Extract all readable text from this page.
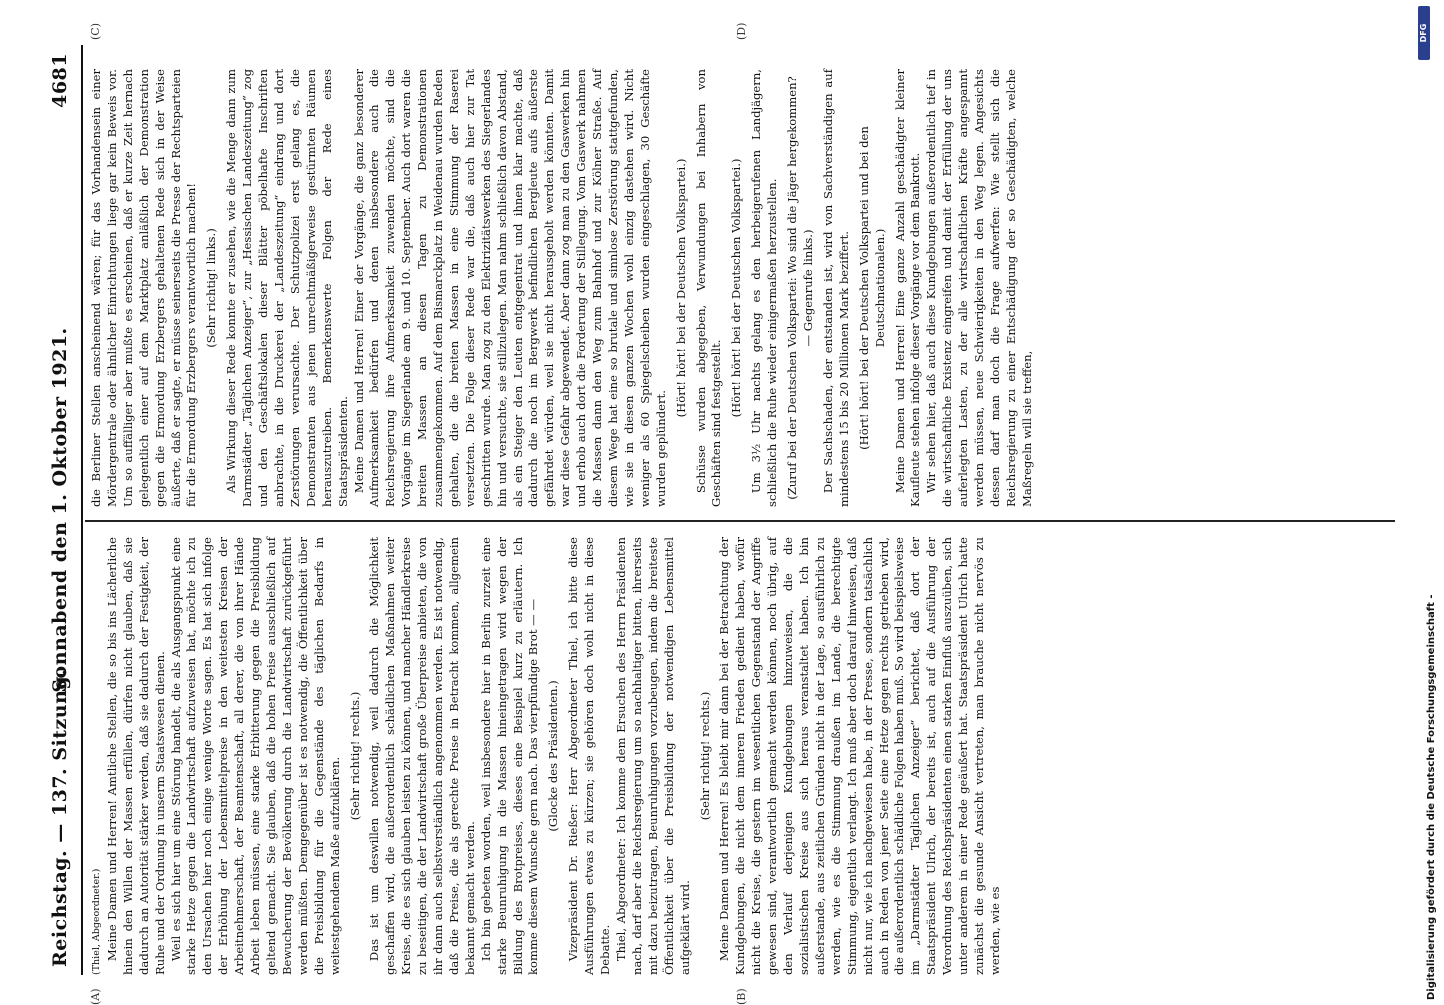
Reichstag. — 137. Sitzung.
Sonnabend den 1. Oktober 1921.
4681

(Thiel, Abgeordneter.) Meine Damen und Herren! Amtliche Stellen, die so bis ins Lächerliche hinein den Willen der Massen erfüllen, dürfen nicht glauben, daß sie dadurch an Autorität stärker werden, daß sie dadurch der Festigkeit, der Ruhe und der Ordnung in unserm Staatswesen dienen. Weil es sich hier um eine Störung handelt, die als Ausgangspunkt eine starke Hetze gegen die Landwirtschaft aufzuweisen hat, möchte ich zu den Ursachen hier noch einige wenige Worte sagen. Es hat sich infolge der Erhöhung der Lebensmittelpreise in den weitesten Kreisen der Arbeitnehmerschaft, der Beamtenschaft, all derer, die von ihrer Hände Arbeit leben müssen, eine starke Erbitterung gegen die Preisbildung geltend gemacht. Sie glauben, daß die hohen Preise ausschließlich auf Bewucherung der Bevölkerung durch die Landwirtschaft zurückgeführt werden müßten. Demgegenüber ist es notwendig, die Öffentlichkeit über die Preisbildung für die Gegenstände des täglichen Bedarfs in weitestgehendem Maße aufzuklären.

(Sehr richtig! rechts.) Das ist um deswillen notwendig, weil dadurch die Möglichkeit geschaffen wird, die außerordentlich schädlichen Maßnahmen weiter Kreise, die es sich glauben leisten zu können, und mancher Händlerkreise zu beseitigen, die der Landwirtschaft große Überpreise anbieten, die von ihr dann auch selbstverständlich angenommen werden. Es ist notwendig, daß die Preise, die als gerechte Preise in Betracht kommen, allgemein bekannt gemacht werden. Ich bin gebeten worden, weil insbesondere hier in Berlin zurzeit eine starke Beunruhigung in die Massen hineingetragen wird wegen der Bildung des Brotpreises, dieses eine Beispiel kurz zu erläutern. Ich komme diesem Wunsche gern nach. Das vierpfündige Brot — — (Glocke des Präsidenten.) Vizepräsident Dr. Rießer: Herr Abgeordneter Thiel, ich bitte diese Ausführungen etwas zu kürzen; sie gehören doch wohl nicht in diese Debatte. Thiel, Abgeordneter: Ich komme dem Ersuchen des Herrn Präsidenten nach, darf aber die Reichsregierung um so nachhaltiger bitten, ihrerseits mit dazu beizutragen, Beunruhigungen vorzubeugen, indem die breiteste Öffentlichkeit über die Preisbildung der notwendigen Lebensmittel aufgeklärt wird.

(Sehr richtig! rechts.) Meine Damen und Herren! Es bleibt mir dann bei der Betrachtung der Kundgebungen, die nicht dem inneren Frieden gedient haben, wofür nicht die Kreise, die gestern im wesentlichen Gegenstand der Angriffe gewesen sind, verantwortlich gemacht werden können, noch übrig, auf den Verlauf derjenigen Kundgebungen hinzuweisen, die die sozialistischen Kreise aus sich heraus veranstaltet haben. Ich bin außerstande, aus zeitlichen Gründen nicht in der Lage, so ausführlich zu werden, wie es die Stimmung draußen im Lande, die berechtigte Stimmung, eigentlich verlangt. Ich muß aber doch darauf hinweisen, daß nicht nur, wie ich nachgewiesen habe, in der Presse, sondern tatsächlich auch in Reden von jener Seite eine Hetze gegen rechts getrieben wird, die außerordentlich schädliche Folgen haben muß. So wird beispielsweise im „Darmstädter Täglichen Anzeiger“ berichtet, daß dort der Staatspräsident Ulrich, der bereits ist, auch auf die Ausführung der Verordnung des Reichspräsidenten einen starken Einfluß auszuüben, sich unter anderem in einer Rede geäußert hat. Staatspräsident Ulrich hatte zunächst die gesunde Ansicht vertreten, man brauche nicht nervös zu werden, wie es

die Berliner Stellen anscheinend wären; für das Vorhandensein einer Mördergentrale oder ähnlicher Einrichtungen liege gar kein Beweis vor. Um so auffälliger aber mußte es erscheinen, daß er kurze Zeit hernach gelegentlich einer auf dem Marktplatz anläßlich der Demonstration gegen die Ermordung Erzbergers gehaltenen Rede sich in der Weise äußerte, daß er sagte, er müsse seinerseits die Presse der Rechtsparteien für die Ermordung Erzbergers verantwortlich machen! (Sehr richtig! links.) Als Wirkung dieser Rede konnte er zusehen, wie die Menge dann zum Darmstädter „Täglichen Anzeiger“, zur „Hessischen Landeszeitung“ zog und den Geschäftslokalen dieser Blätter pöbelhafte Inschriften anbrachte, in die Druckerei der „Landeszeitung“ eindrang und dort Zerstörungen verursachte. Der Schutzpolizei erst gelang es, die Demonstranten aus jenen unrechtmäßigerweise gestürmten Räumen herauszutreiben. Bemerkenswerte Folgen der Rede eines Staatspräsidenten. Meine Damen und Herren! Einer der Vorgänge, die ganz besonderer Aufmerksamkeit bedürfen und denen insbesondere auch die Reichsregierung ihre Aufmerksamkeit zuwenden möchte, sind die Vorgänge im Siegerlande am 9. und 10. September. Auch dort waren die breiten Massen an diesen Tagen zu Demonstrationen zusammengekommen. Auf dem Bismarckplatz in Weidenau wurden Reden gehalten, die die breiten Massen in eine Stimmung der Raserei versetzten. Die Folge dieser Rede war die, daß auch hier zur Tat geschritten wurde. Man zog zu den Elektrizitätswerken des Siegerlandes hin und versuchte, sie stillzulegen. Man nahm schließlich davon Abstand, als ein Steiger den Leuten entgegentrat und ihnen klar machte, daß dadurch die noch im Bergwerk befindlichen Bergleute aufs äußerste gefährdet würden, weil sie nicht herausgeholt werden könnten. Damit war diese Gefahr abgewendet. Aber dann zog man zu den Gaswerken hin und erhob auch dort die Forderung der Stillegung. Vom Gaswerk nahmen die Massen dann den Weg zum Bahnhof und zur Kölner Straße. Auf diesem Wege hat eine so brutale und sinnlose Zerstörung stattgefunden, wie sie in diesen ganzen Wochen wohl einzig dastehen wird. Nicht weniger als 60 Spiegelscheiben wurden eingeschlagen, 30 Geschäfte wurden geplündert.

(Hört! hört! bei der Deutschen Volkspartei.) Schüsse wurden abgegeben, Verwundungen bei Inhabern von Geschäften sind festgestellt.

(Hört! hört! bei der Deutschen Volkspartei.) Um 3½ Uhr nachts gelang es den herbeigerufenen Landjägern, schließlich die Ruhe wieder einigermaßen herzustellen. (Zuruf bei der Deutschen Volkspartei: Wo sind die Jäger hergekommen? — Gegenrufe links.) Der Sachschaden, der entstanden ist, wird von Sachverständigen auf mindestens 15 bis 20 Millionen Mark beziffert. (Hört! hört! bei der Deutschen Volkspartei und bei den Deutschnationalen.) Meine Damen und Herren! Eine ganze Anzahl geschädigter kleiner Kaufleute stehen infolge dieser Vorgänge vor dem Bankrott. Wir sehen hier, daß auch diese Kundgebungen außerordentlich tief in die wirtschaftliche Existenz eingreifen und damit der Erfüllung der uns auferlegten Lasten, zu der alle wirtschaftlichen Kräfte angespannt werden müssen, neue Schwierigkeiten in den Weg legen. Angesichts dessen darf man doch die Frage aufwerfen: Wie stellt sich die Reichsregierung zu einer Entschädigung der so Geschädigten, welche Maßregeln will sie treffen,

(A)	(B)
(C)	(D)
Digitalisierung gefördert durch die Deutsche Forschungsgemeinschaft -
DFG
